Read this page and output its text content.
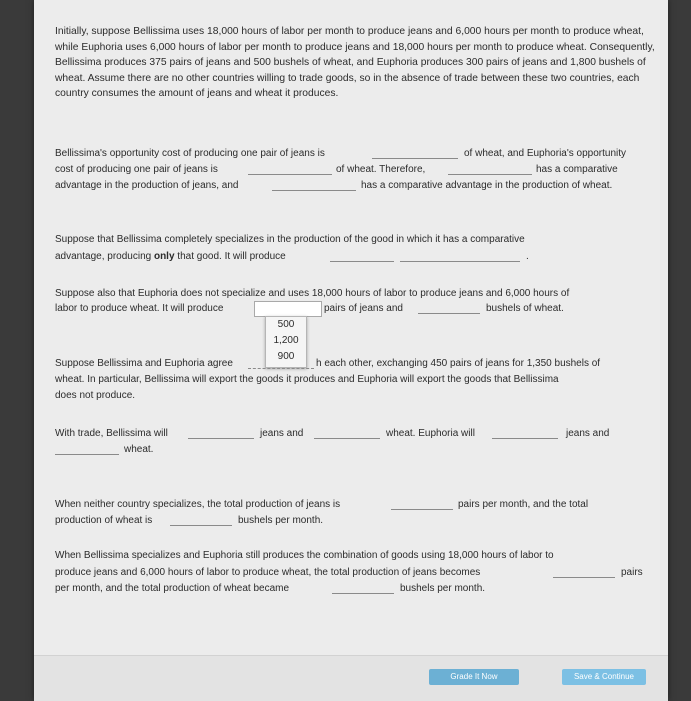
Initially, suppose Bellissima uses 18,000 hours of labor per month to produce jeans and 6,000 hours per month to produce wheat, while Euphoria uses 6,000 hours of labor per month to produce jeans and 18,000 hours per month to produce wheat. Consequently, Bellissima produces 375 pairs of jeans and 500 bushels of wheat, and Euphoria produces 300 pairs of jeans and 1,800 bushels of wheat. Assume there are no other countries willing to trade goods, so in the absence of trade between these two countries, each country consumes the amount of jeans and wheat it produces.

Bellissima's opportunity cost of producing one pair of jeans is	of wheat, and Euphoria's opportunity
cost of producing one pair of jeans is	of wheat. Therefore,	has a comparative
advantage in the production of jeans, and	has a comparative advantage in the production of wheat.
Suppose that Bellissima completely specializes in the production of the good in which it has a comparative
advantage, producing only that good. It will produce	.
Suppose also that Euphoria does not specialize and uses 18,000 hours of labor to produce jeans and 6,000 hours of
labor to produce wheat. It will produce	pairs of jeans and	bushels of wheat.
500
1,200
900
Suppose Bellissima and Euphoria agree	h each other, exchanging 450 pairs of jeans for 1,350 bushels of
wheat. In particular, Bellissima will export the goods it produces and Euphoria will export the goods that Bellissima
does not produce.
With trade, Bellissima will	jeans and	wheat. Euphoria will	jeans and
wheat.
When neither country specializes, the total production of jeans is	pairs per month, and the total
production of wheat is	bushels per month.
When Bellissima specializes and Euphoria still produces the combination of goods using 18,000 hours of labor to
produce jeans and 6,000 hours of labor to produce wheat, the total production of jeans becomes	pairs
per month, and the total production of wheat became	bushels per month.
Grade It Now	Save & Continue
